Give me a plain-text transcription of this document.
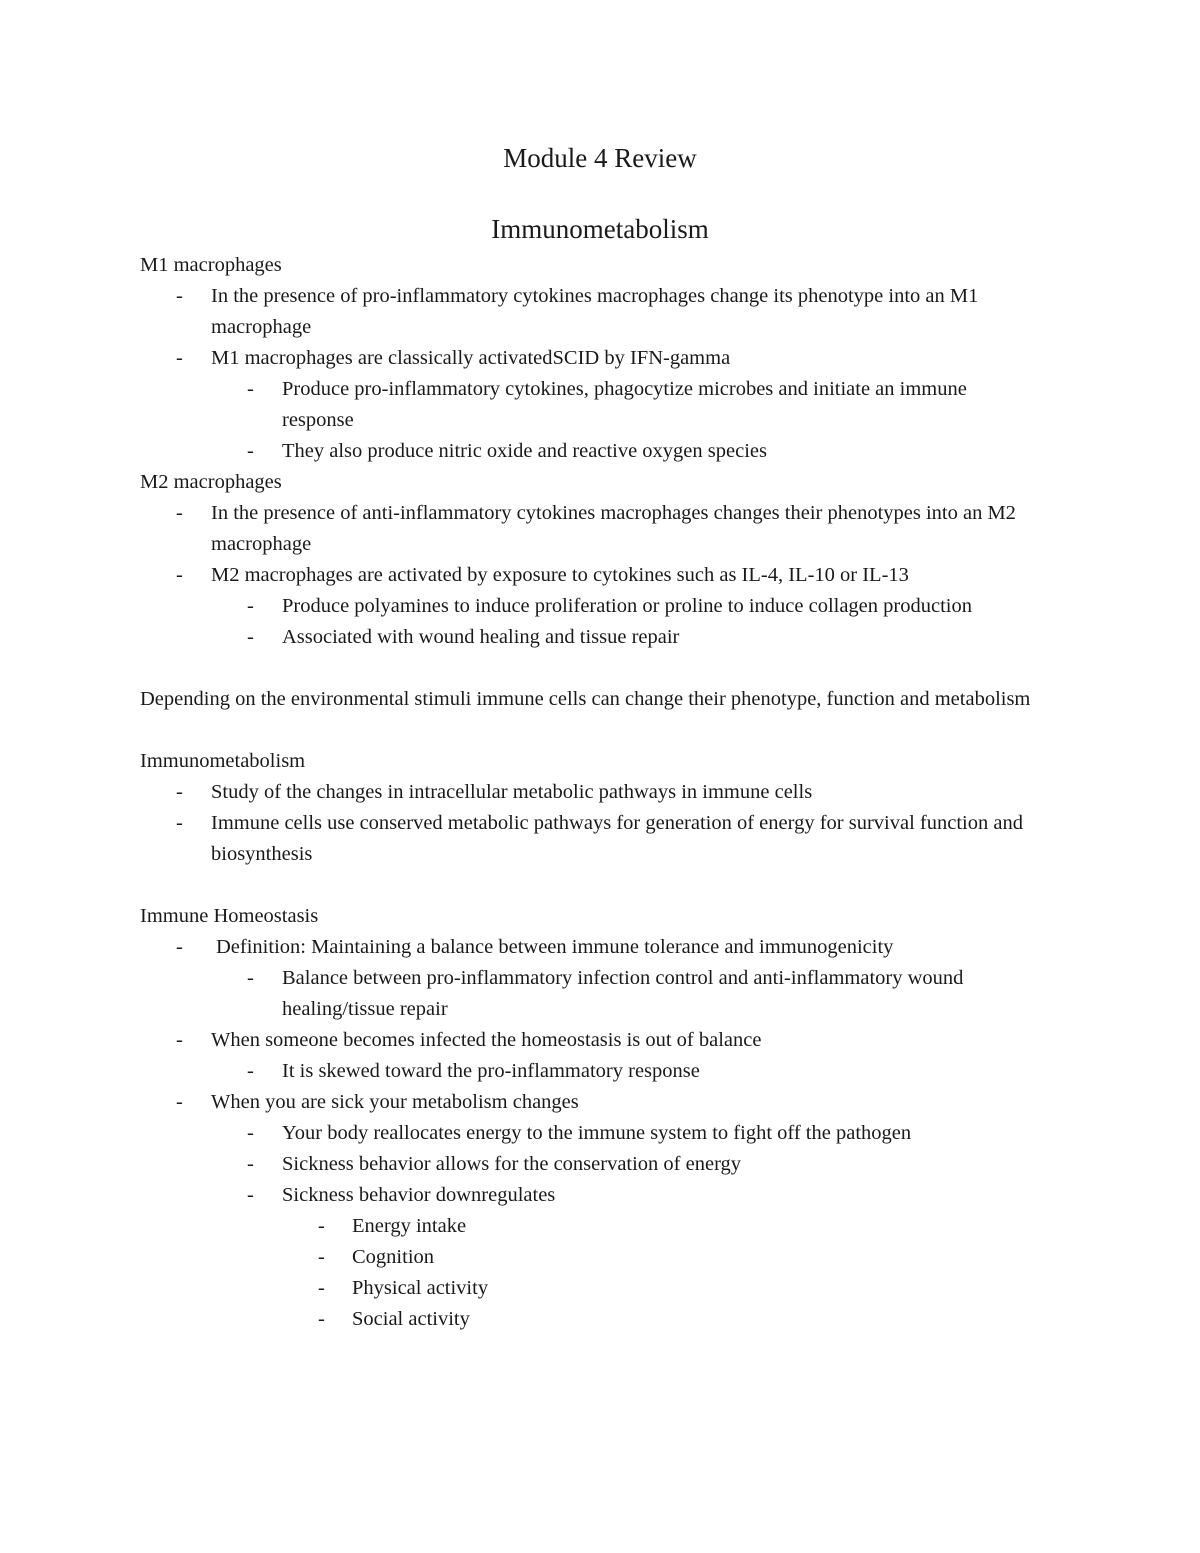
Module 4 Review
Immunometabolism
M1 macrophages
- In the presence of pro-inflammatory cytokines macrophages change its phenotype into an M1 macrophage
- M1 macrophages are classically activatedSCID by IFN-gamma
- Produce pro-inflammatory cytokines, phagocytize microbes and initiate an immune response
- They also produce nitric oxide and reactive oxygen species
M2 macrophages
- In the presence of anti-inflammatory cytokines macrophages changes their phenotypes into an M2 macrophage
- M2 macrophages are activated by exposure to cytokines such as IL-4, IL-10 or IL-13
- Produce polyamines to induce proliferation or proline to induce collagen production
- Associated with wound healing and tissue repair
Depending on the environmental stimuli immune cells can change their phenotype, function and metabolism
Immunometabolism
- Study of the changes in intracellular metabolic pathways in immune cells
- Immune cells use conserved metabolic pathways for generation of energy for survival function and biosynthesis
Immune Homeostasis
- Definition: Maintaining a balance between immune tolerance and immunogenicity
- Balance between pro-inflammatory infection control and anti-inflammatory wound healing/tissue repair
- When someone becomes infected the homeostasis is out of balance
- It is skewed toward the pro-inflammatory response
- When you are sick your metabolism changes
- Your body reallocates energy to the immune system to fight off the pathogen
- Sickness behavior allows for the conservation of energy
- Sickness behavior downregulates
- Energy intake
- Cognition
- Physical activity
- Social activity
